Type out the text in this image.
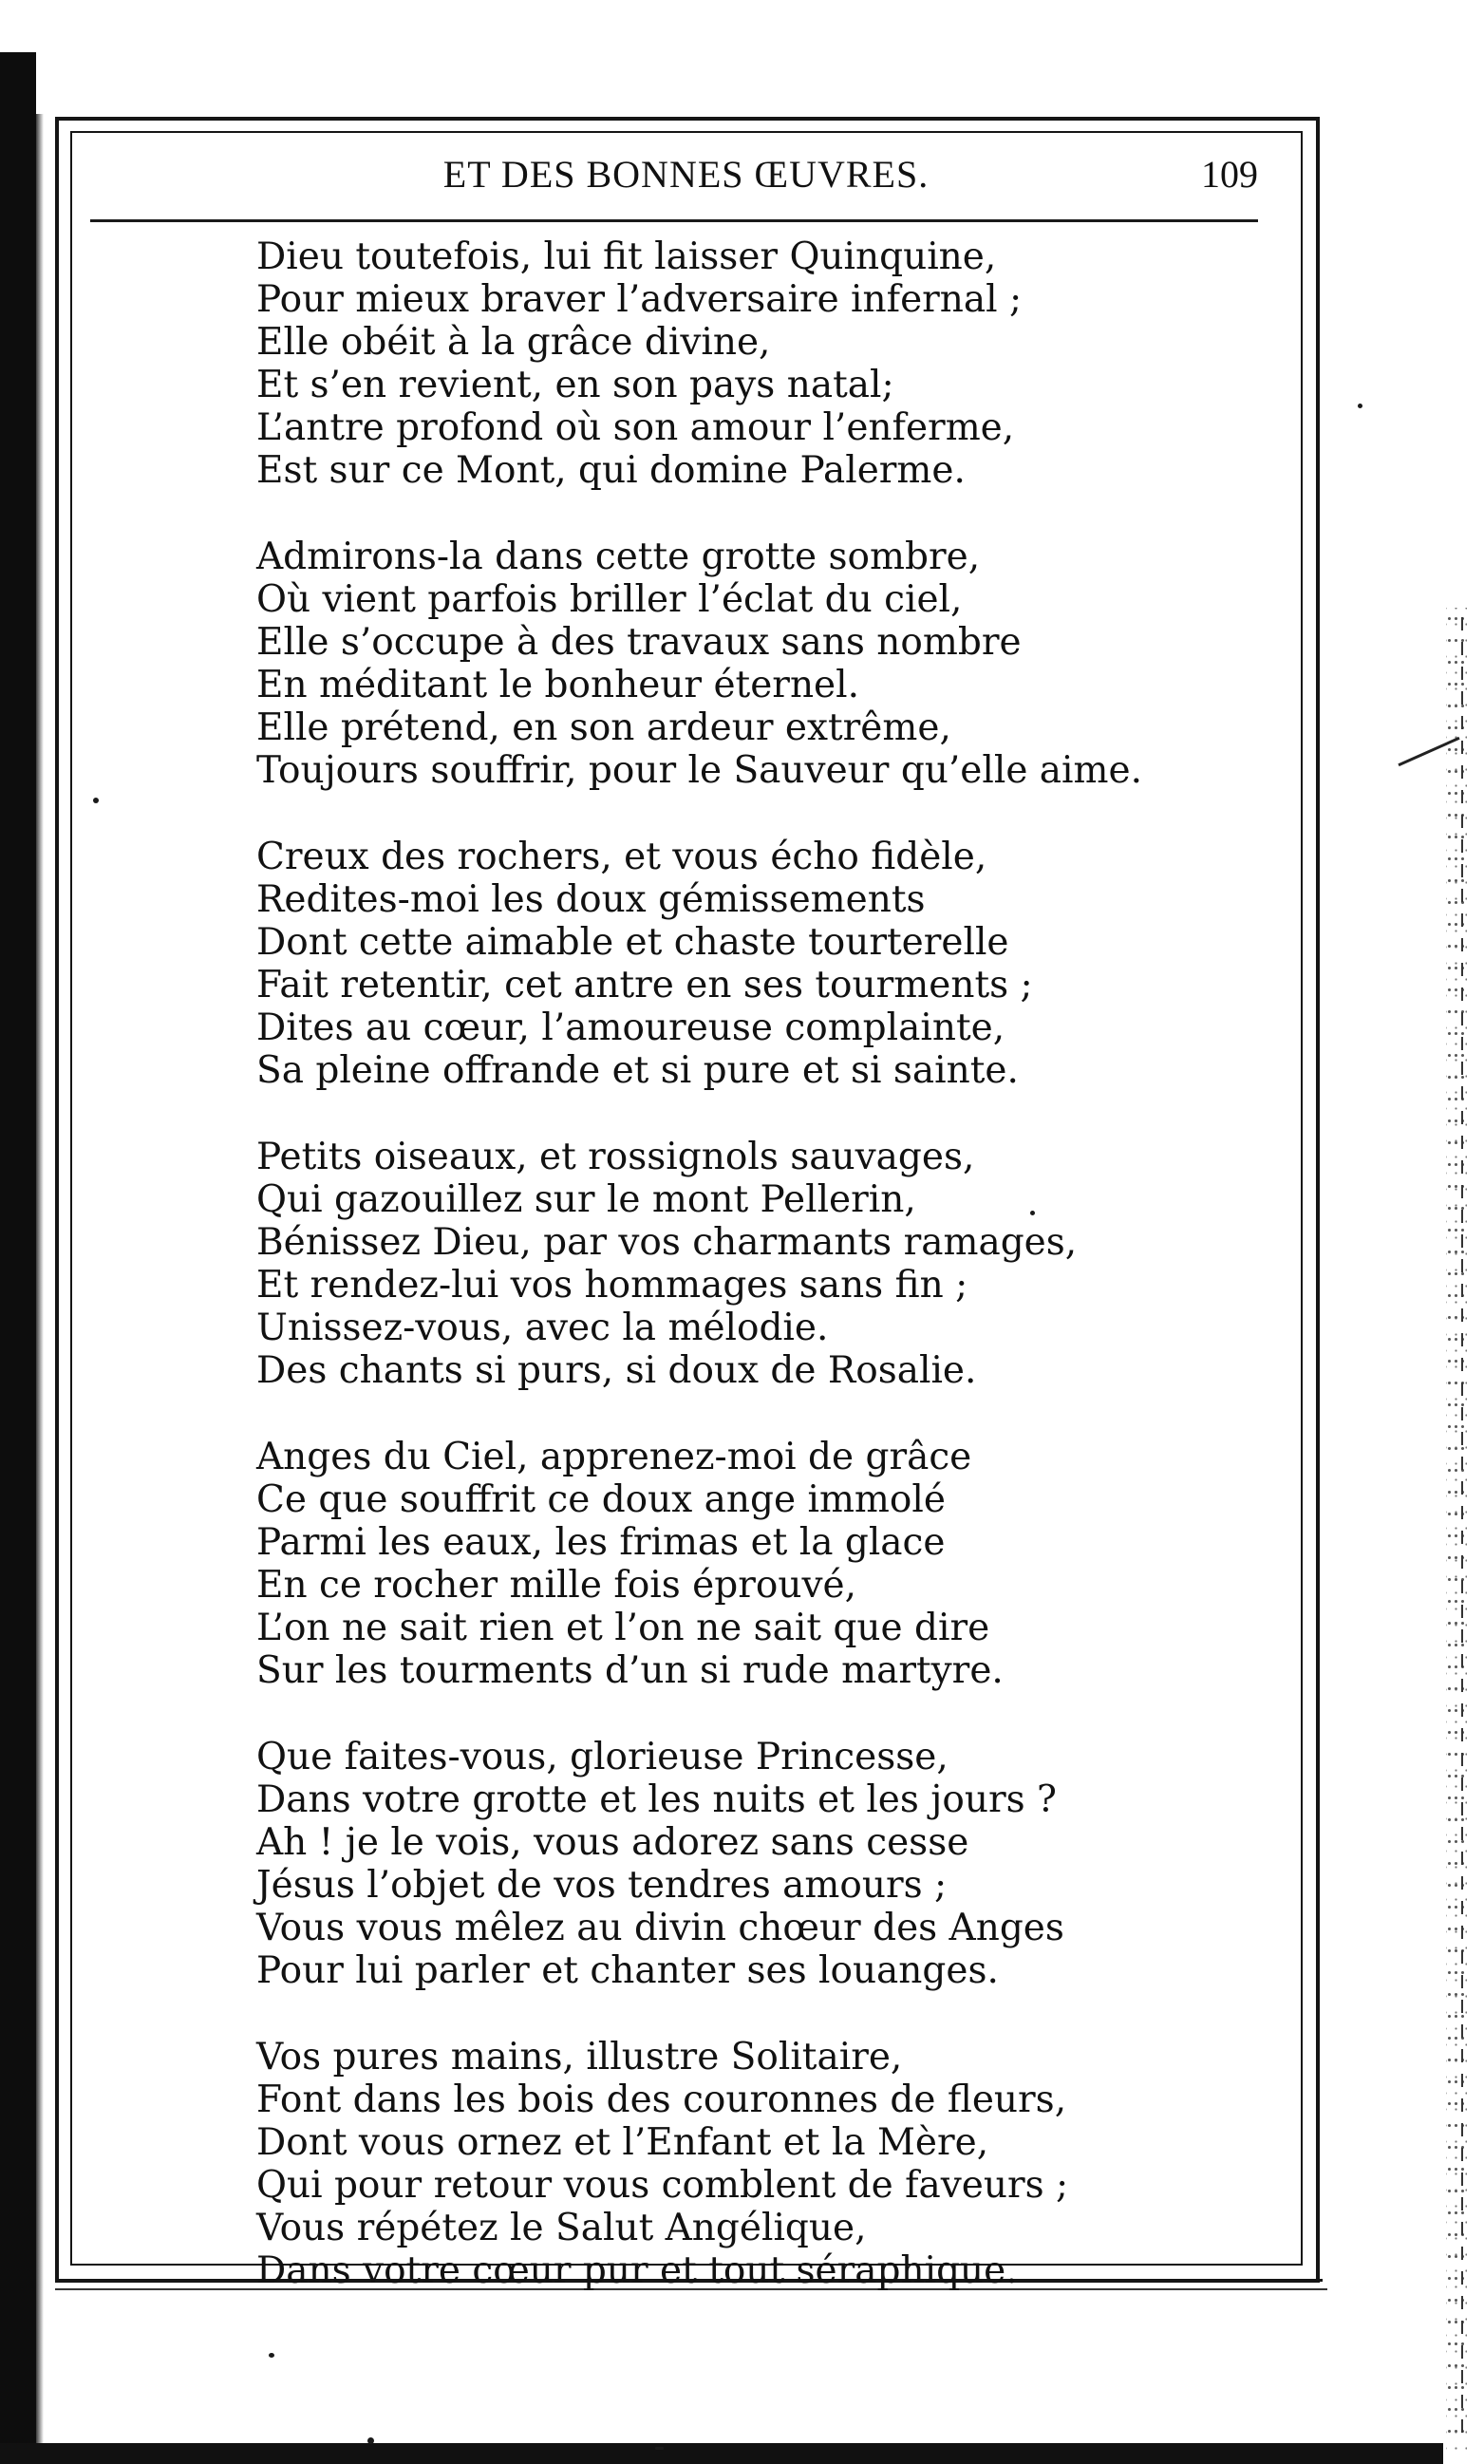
ET DES BONNES ŒUVRES.	109
Dieu toutefois, lui fit laisser Quinquine,
Pour mieux braver l’adversaire infernal ;
Elle obéit à la grâce divine,
Et s’en revient, en son pays natal;
L’antre profond où son amour l’enferme,
Est sur ce Mont, qui domine Palerme.
Admirons-la dans cette grotte sombre,
Où vient parfois briller l’éclat du ciel,
Elle s’occupe à des travaux sans nombre
En méditant le bonheur éternel.
Elle prétend, en son ardeur extrême,
Toujours souffrir, pour le Sauveur qu’elle aime.
Creux des rochers, et vous écho fidèle,
Redites-moi les doux gémissements
Dont cette aimable et chaste tourterelle
Fait retentir, cet antre en ses tourments ;
Dites au cœur, l’amoureuse complainte,
Sa pleine offrande et si pure et si sainte.
Petits oiseaux, et rossignols sauvages,
Qui gazouillez sur le mont Pellerin,
Bénissez Dieu, par vos charmants ramages,
Et rendez-lui vos hommages sans fin ;
Unissez-vous, avec la mélodie.
Des chants si purs, si doux de Rosalie.
Anges du Ciel, apprenez-moi de grâce
Ce que souffrit ce doux ange immolé
Parmi les eaux, les frimas et la glace
En ce rocher mille fois éprouvé,
L’on ne sait rien et l’on ne sait que dire
Sur les tourments d’un si rude martyre.
Que faites-vous, glorieuse Princesse,
Dans votre grotte et les nuits et les jours ?
Ah ! je le vois, vous adorez sans cesse
Jésus l’objet de vos tendres amours ;
Vous vous mêlez au divin chœur des Anges
Pour lui parler et chanter ses louanges.
Vos pures mains, illustre Solitaire,
Font dans les bois des couronnes de fleurs,
Dont vous ornez et l’Enfant et la Mère,
Qui pour retour vous comblent de faveurs ;
Vous répétez le Salut Angélique,
Dans votre cœur pur et tout séraphique.
